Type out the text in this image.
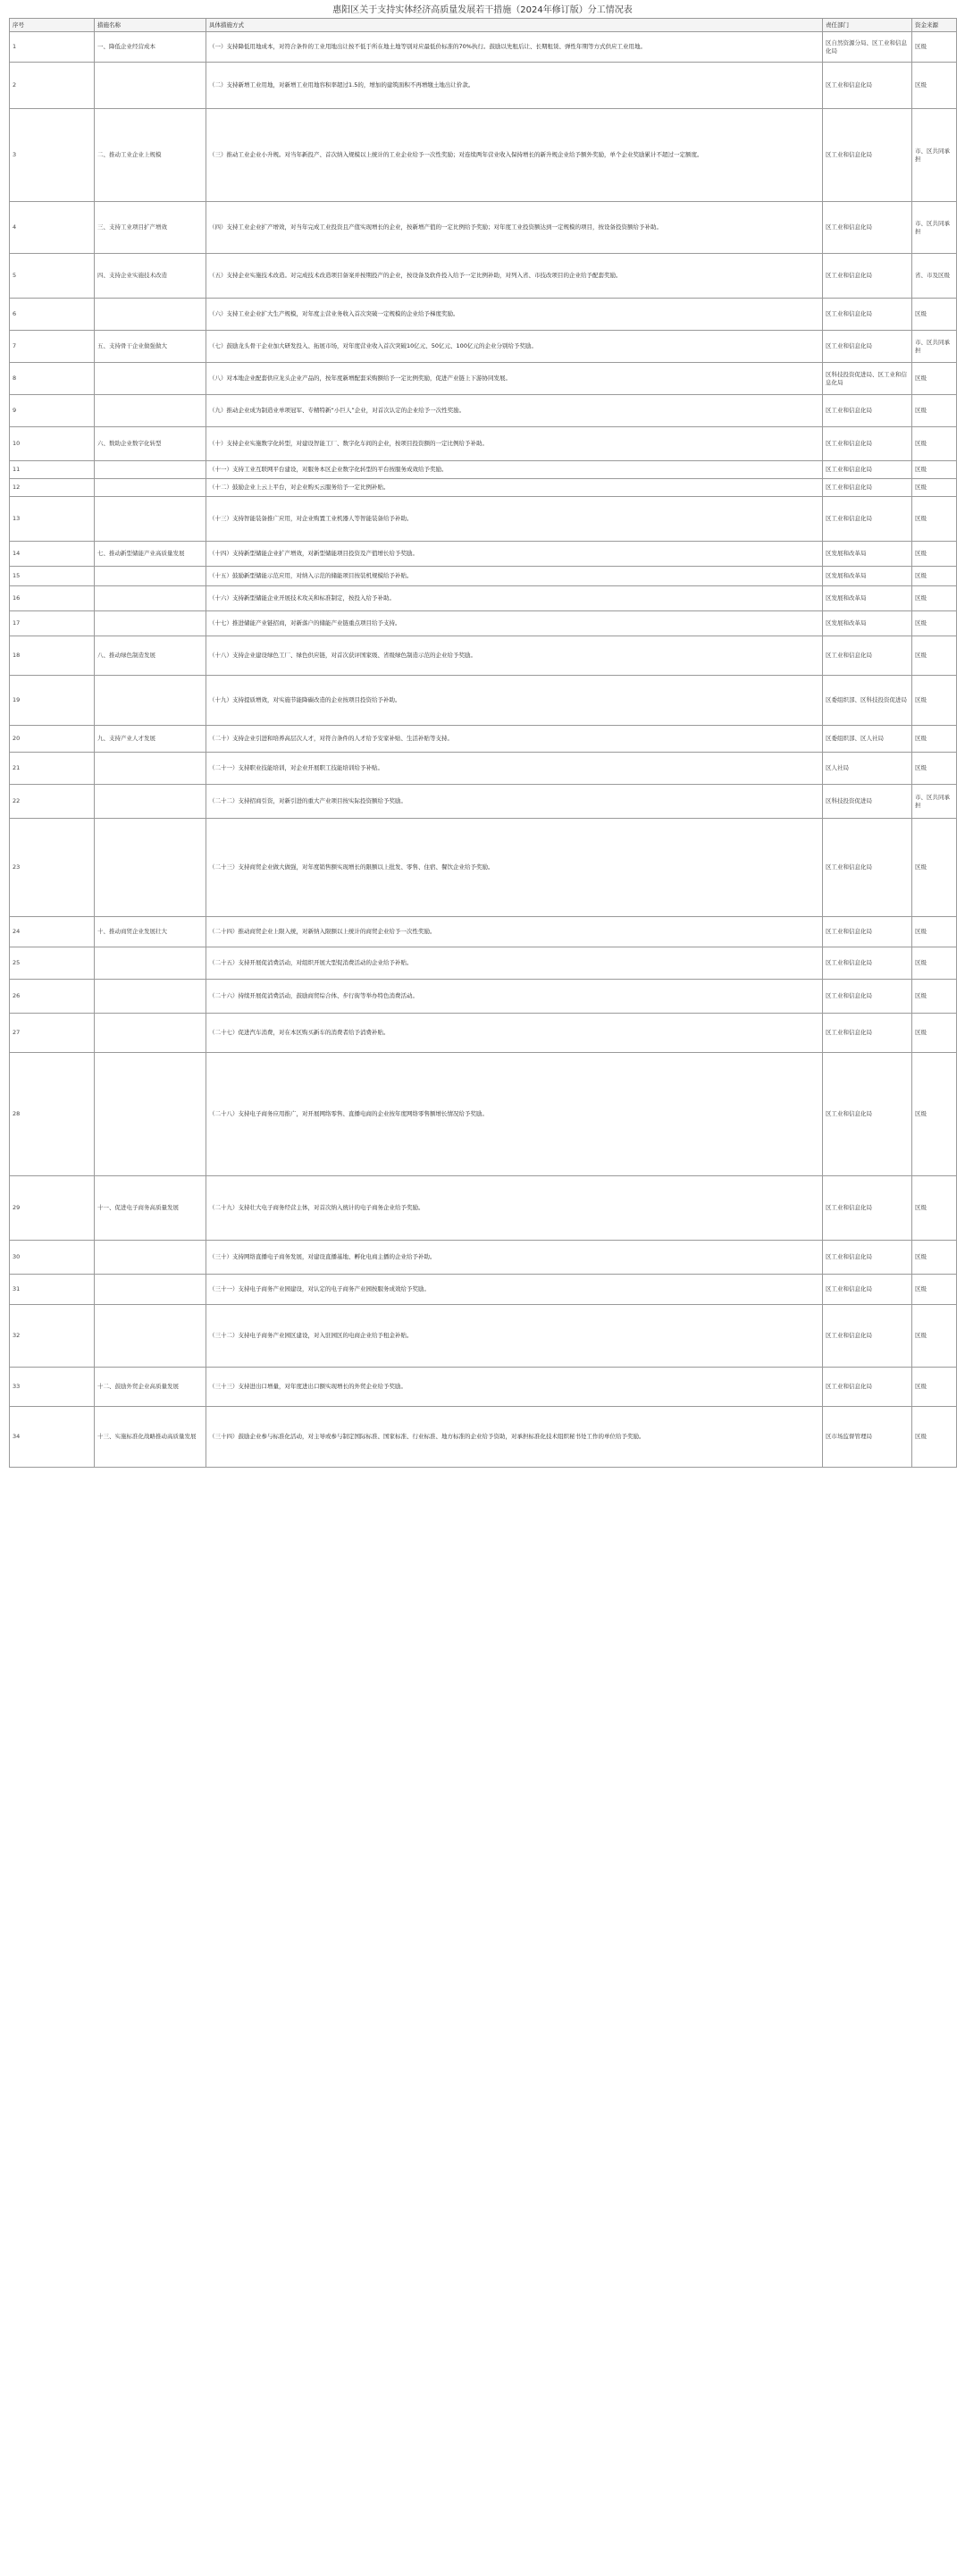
惠阳区关于支持实体经济高质量发展若干措施（2024年修订版）分工情况表
序号	措施名称	具体措施方式	责任部门	资金来源
1	一、降低企业经营成本	（一）支持降低用地成本，对符合条件的工业用地出让按不低于所在地土地等别对应最低价标准的70%执行。鼓励以先租后让、长期租赁、弹性年期等方式供应工业用地。	区自然资源分局、区工业和信息化局	区级
2		（二）支持新增工业用地，对新增工业用地容积率超过1.5的，增加的建筑面积不再增缴土地出让价款。	区工业和信息化局	区级
3	二、推动工业企业上规模	（三）推动工业企业小升规。对当年新投产、首次纳入规模以上统计的工业企业给予一次性奖励；对连续两年营业收入保持增长的新升规企业给予额外奖励，单个企业奖励累计不超过一定额度。	区工业和信息化局	市、区共同承担
4	三、支持工业项目扩产增效	（四）支持工业企业扩产增效，对当年完成工业投资且产值实现增长的企业，按新增产值的一定比例给予奖励；对年度工业投资额达到一定规模的项目，按设备投资额给予补助。	区工业和信息化局	市、区共同承担
5	四、支持企业实施技术改造	（五）支持企业实施技术改造。对完成技术改造项目备案并按期投产的企业，按设备及软件投入给予一定比例补助，对列入省、市技改项目的企业给予配套奖励。	区工业和信息化局	省、市及区级
6		（六）支持工业企业扩大生产规模，对年度主营业务收入首次突破一定规模的企业给予梯度奖励。	区工业和信息化局	区级
7	五、支持骨干企业做强做大	（七）鼓励龙头骨干企业加大研发投入、拓展市场，对年度营业收入首次突破10亿元、50亿元、100亿元的企业分别给予奖励。	区工业和信息化局	市、区共同承担
8		（八）对本地企业配套供应龙头企业产品的，按年度新增配套采购额给予一定比例奖励，促进产业链上下游协同发展。	区科技投资促进局、区工业和信息化局	区级
9		（九）推动企业成为制造业单项冠军、专精特新“小巨人”企业，对首次认定的企业给予一次性奖励。	区工业和信息化局	区级
10	六、数助企业数字化转型	（十）支持企业实施数字化转型，对建设智能工厂、数字化车间的企业，按项目投资额的一定比例给予补助。	区工业和信息化局	区级
11		（十一）支持工业互联网平台建设，对服务本区企业数字化转型的平台按服务成效给予奖励。	区工业和信息化局	区级
12		（十二）鼓励企业上云上平台，对企业购买云服务给予一定比例补贴。	区工业和信息化局	区级
13		（十三）支持智能装备推广应用，对企业购置工业机器人等智能装备给予补助。	区工业和信息化局	区级
14	七、推动新型储能产业高质量发展	（十四）支持新型储能企业扩产增效，对新型储能项目投资及产值增长给予奖励。	区发展和改革局	区级
15		（十五）鼓励新型储能示范应用，对纳入示范的储能项目按装机规模给予补贴。	区发展和改革局	区级
16		（十六）支持新型储能企业开展技术攻关和标准制定，按投入给予补助。	区发展和改革局	区级
17		（十七）推进储能产业链招商，对新落户的储能产业链重点项目给予支持。	区发展和改革局	区级
18	八、推动绿色制造发展	（十八）支持企业建设绿色工厂、绿色供应链，对首次获评国家级、省级绿色制造示范的企业给予奖励。	区工业和信息化局	区级
19		（十九）支持提质增效，对实施节能降碳改造的企业按项目投资给予补助。	区委组织部、区科技投资促进局	区级
20	九、支持产业人才发展	（二十）支持企业引进和培养高层次人才，对符合条件的人才给予安家补贴、生活补贴等支持。	区委组织部、区人社局	区级
21		（二十一）支持职业技能培训，对企业开展职工技能培训给予补贴。	区人社局	区级
22		（二十二）支持招商引资，对新引进的重大产业项目按实际投资额给予奖励。	区科技投资促进局	市、区共同承担
23		（二十三）支持商贸企业做大做强，对年度销售额实现增长的限额以上批发、零售、住宿、餐饮企业给予奖励。	区工业和信息化局	区级
24	十、推动商贸企业发展壮大	（二十四）推动商贸企业上限入统，对新纳入限额以上统计的商贸企业给予一次性奖励。	区工业和信息化局	区级
25		（二十五）支持开展促消费活动，对组织开展大型促消费活动的企业给予补贴。	区工业和信息化局	区级
26		（二十六）持续开展促消费活动，鼓励商贸综合体、步行街等举办特色消费活动。	区工业和信息化局	区级
27		（二十七）促进汽车消费，对在本区购买新车的消费者给予消费补贴。	区工业和信息化局	区级
28		（二十八）支持电子商务应用推广，对开展网络零售、直播电商的企业按年度网络零售额增长情况给予奖励。	区工业和信息化局	区级
29	十一、促进电子商务高质量发展	（二十九）支持壮大电子商务经营主体，对首次纳入统计的电子商务企业给予奖励。	区工业和信息化局	区级
30		（三十）支持网络直播电子商务发展，对建设直播基地、孵化电商主播的企业给予补助。	区工业和信息化局	区级
31		（三十一）支持电子商务产业园建设，对认定的电子商务产业园按服务成效给予奖励。	区工业和信息化局	区级
32		（三十二）支持电子商务产业园区建设，对入驻园区的电商企业给予租金补贴。	区工业和信息化局	区级
33	十二、鼓励外贸企业高质量发展	（三十三）支持进出口增量，对年度进出口额实现增长的外贸企业给予奖励。	区工业和信息化局	区级
34	十三、实施标准化战略推动高质量发展	（三十四）鼓励企业参与标准化活动，对主导或参与制定国际标准、国家标准、行业标准、地方标准的企业给予资助，对承担标准化技术组织秘书处工作的单位给予奖励。	区市场监督管理局	区级
